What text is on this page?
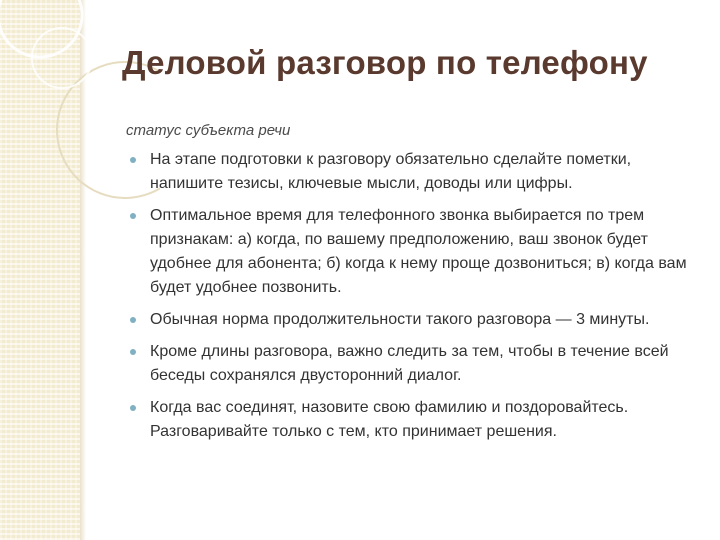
Деловой разговор по телефону
статус субъекта речи
На этапе подготовки к разговору обязательно сделайте пометки, напишите тезисы, ключевые мысли, доводы или цифры.
Оптимальное время для телефонного звонка выбирается по трем признакам: а) когда, по вашему предположению, ваш звонок будет удобнее для абонента; б) когда к нему проще дозвониться; в) когда вам будет удобнее позвонить.
Обычная норма продолжительности такого разговора — 3 минуты.
Кроме длины разговора, важно следить за тем, чтобы в течение всей беседы сохранялся двусторонний диалог.
Когда вас соединят, назовите свою фамилию и поздоровайтесь. Разговаривайте только с тем, кто принимает решения.
